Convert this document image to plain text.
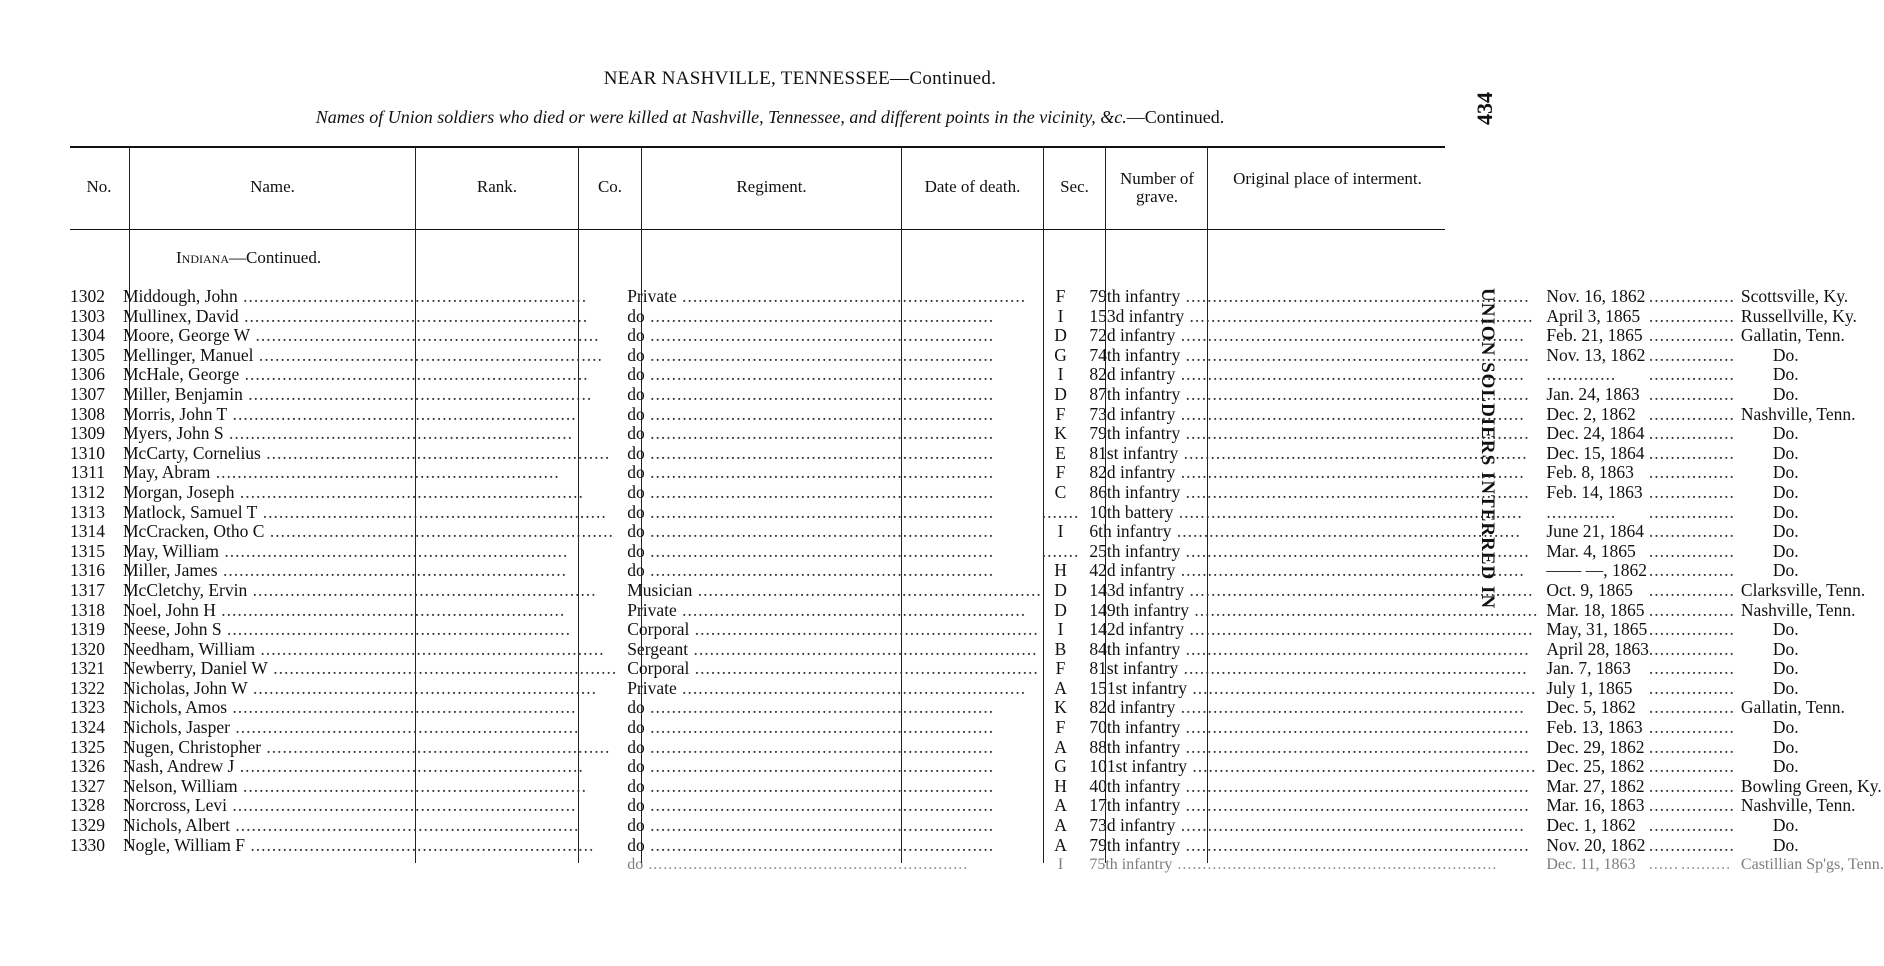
NEAR NASHVILLE, TENNESSEE—Continued.
Names of Union soldiers who died or were killed at Nashville, Tennessee, and different points in the vicinity, &c.—Continued.	434
UNION SOLDIERS INTERRED IN
No.	Name.	Rank.	Co.	Regiment.	Date of death.	Sec.	Number of grave.
Original place of interment.
Indiana—Continued.
1302	Middough, John .....	Private .....	F	79th infantry .....	Nov. 16, 1862	......	..........	Scottsville, Ky.
1303	Mullinex, David .....	do .....	I	153d infantry .....	April 3, 1865	......	..........	Russellville, Ky.
1304	Moore, George W .....	do .....	D	72d infantry .....	Feb. 21, 1865	......	..........	Gallatin, Tenn.
1305	Mellinger, Manuel .....	do .....	G	74th infantry .....	Nov. 13, 1862	......	..........	Do.
1306	McHale, George .....	do .....	I	82d infantry .....	.............	......	..........	Do.
1307	Miller, Benjamin .....	do .....	D	87th infantry .....	Jan. 24, 1863	......	..........	Do.
1308	Morris, John T .....	do .....	F	73d infantry .....	Dec. 2, 1862	......	..........	Nashville, Tenn.
1309	Myers, John S .....	do .....	K	79th infantry .....	Dec. 24, 1864	......	..........	Do.
1310	McCarty, Cornelius .....	do .....	E	81st infantry .....	Dec. 15, 1864	......	..........	Do.
1311	May, Abram .....	do .....	F	82d infantry .....	Feb. 8, 1863	......	..........	Do.
1312	Morgan, Joseph .....	do .....	C	86th infantry .....	Feb. 14, 1863	......	..........	Do.
1313	Matlock, Samuel T .....	do .....	.......	10th battery .....	.............	......	..........	Do.
1314	McCracken, Otho C .....	do .....	I	6th infantry .....	June 21, 1864	......	..........	Do.
1315	May, William .....	do .....	.......	25th infantry .....	Mar. 4, 1865	......	..........	Do.
1316	Miller, James .....	do .....	H	42d infantry .....	—— —, 1862	......	..........	Do.
1317	McCletchy, Ervin .....	Musician .....	D	143d infantry .....	Oct. 9, 1865	......	..........	Clarksville, Tenn.
1318	Noel, John H .....	Private .....	D	149th infantry .....	Mar. 18, 1865	......	..........	Nashville, Tenn.
1319	Neese, John S .....	Corporal .....	I	142d infantry .....	May, 31, 1865	......	..........	Do.
1320	Needham, William .....	Sergeant .....	B	84th infantry .....	April 28, 1863	......	..........	Do.
1321	Newberry, Daniel W .....	Corporal .....	F	81st infantry .....	Jan. 7, 1863	......	..........	Do.
1322	Nicholas, John W .....	Private .....	A	151st infantry .....	July 1, 1865	......	..........	Do.
1323	Nichols, Amos .....	do .....	K	82d infantry .....	Dec. 5, 1862	......	..........	Gallatin, Tenn.
1324	Nichols, Jasper .....	do .....	F	70th infantry .....	Feb. 13, 1863	......	..........	Do.
1325	Nugen, Christopher .....	do .....	A	88th infantry .....	Dec. 29, 1862	......	..........	Do.
1326	Nash, Andrew J .....	do .....	G	101st infantry .....	Dec. 25, 1862	......	..........	Do.
1327	Nelson, William .....	do .....	H	40th infantry .....	Mar. 27, 1862	......	..........	Bowling Green, Ky.
1328	Norcross, Levi .....	do .....	A	17th infantry .....	Mar. 16, 1863	......	..........	Nashville, Tenn.
1329	Nichols, Albert .....	do .....	A	73d infantry .....	Dec. 1, 1862	......	..........	Do.
1330	Nogle, William F .....	do .....	A	79th infantry .....	Nov. 20, 1862	......	..........	Do.
		do .....	I	75th infantry .....	Dec. 11, 1863	......	..........	Castillian Sp'gs, Tenn.
